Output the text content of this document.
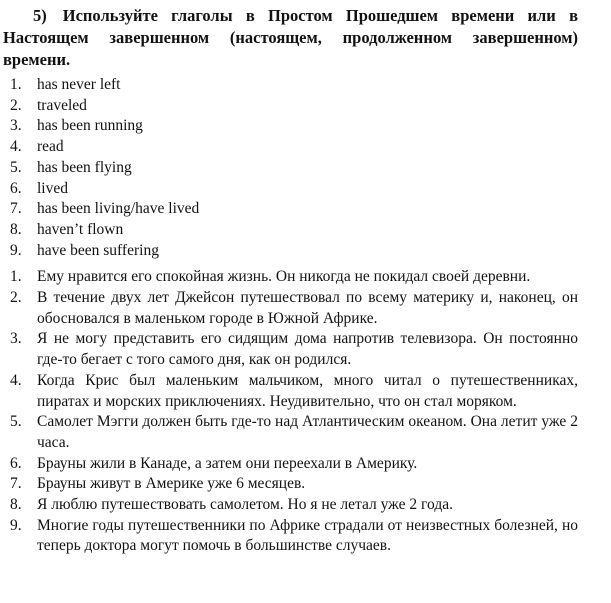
5) Используйте глаголы в Простом Прошедшем времени или в Настоящем завершенном (настоящем, продолженном завершенном) времени.

1. has never left
2. traveled
3. has been running
4. read
5. has been flying
6. lived
7. has been living/have lived
8. haven’t flown
9. have been suffering
1. Ему нравится его спокойная жизнь. Он никогда не покидал своей деревни.
2. В течение двух лет Джейсон путешествовал по всему материку и, наконец, он обосновался в маленьком городе в Южной Африке.
3. Я не могу представить его сидящим дома напротив телевизора. Он постоянно где-то бегает с того самого дня, как он родился.
4. Когда Крис был маленьким мальчиком, много читал о путешественниках, пиратах и морских приключениях. Неудивительно, что он стал моряком.
5. Самолет Мэгги должен быть где-то над Атлантическим океаном. Она летит уже 2 часа.
6. Брауны жили в Канаде, а затем они переехали в Америку.
7. Брауны живут в Америке уже 6 месяцев.
8. Я люблю путешествовать самолетом. Но я не летал уже 2 года.
9. Многие годы путешественники по Африке страдали от неизвестных болезней, но теперь доктора могут помочь в большинстве случаев.
